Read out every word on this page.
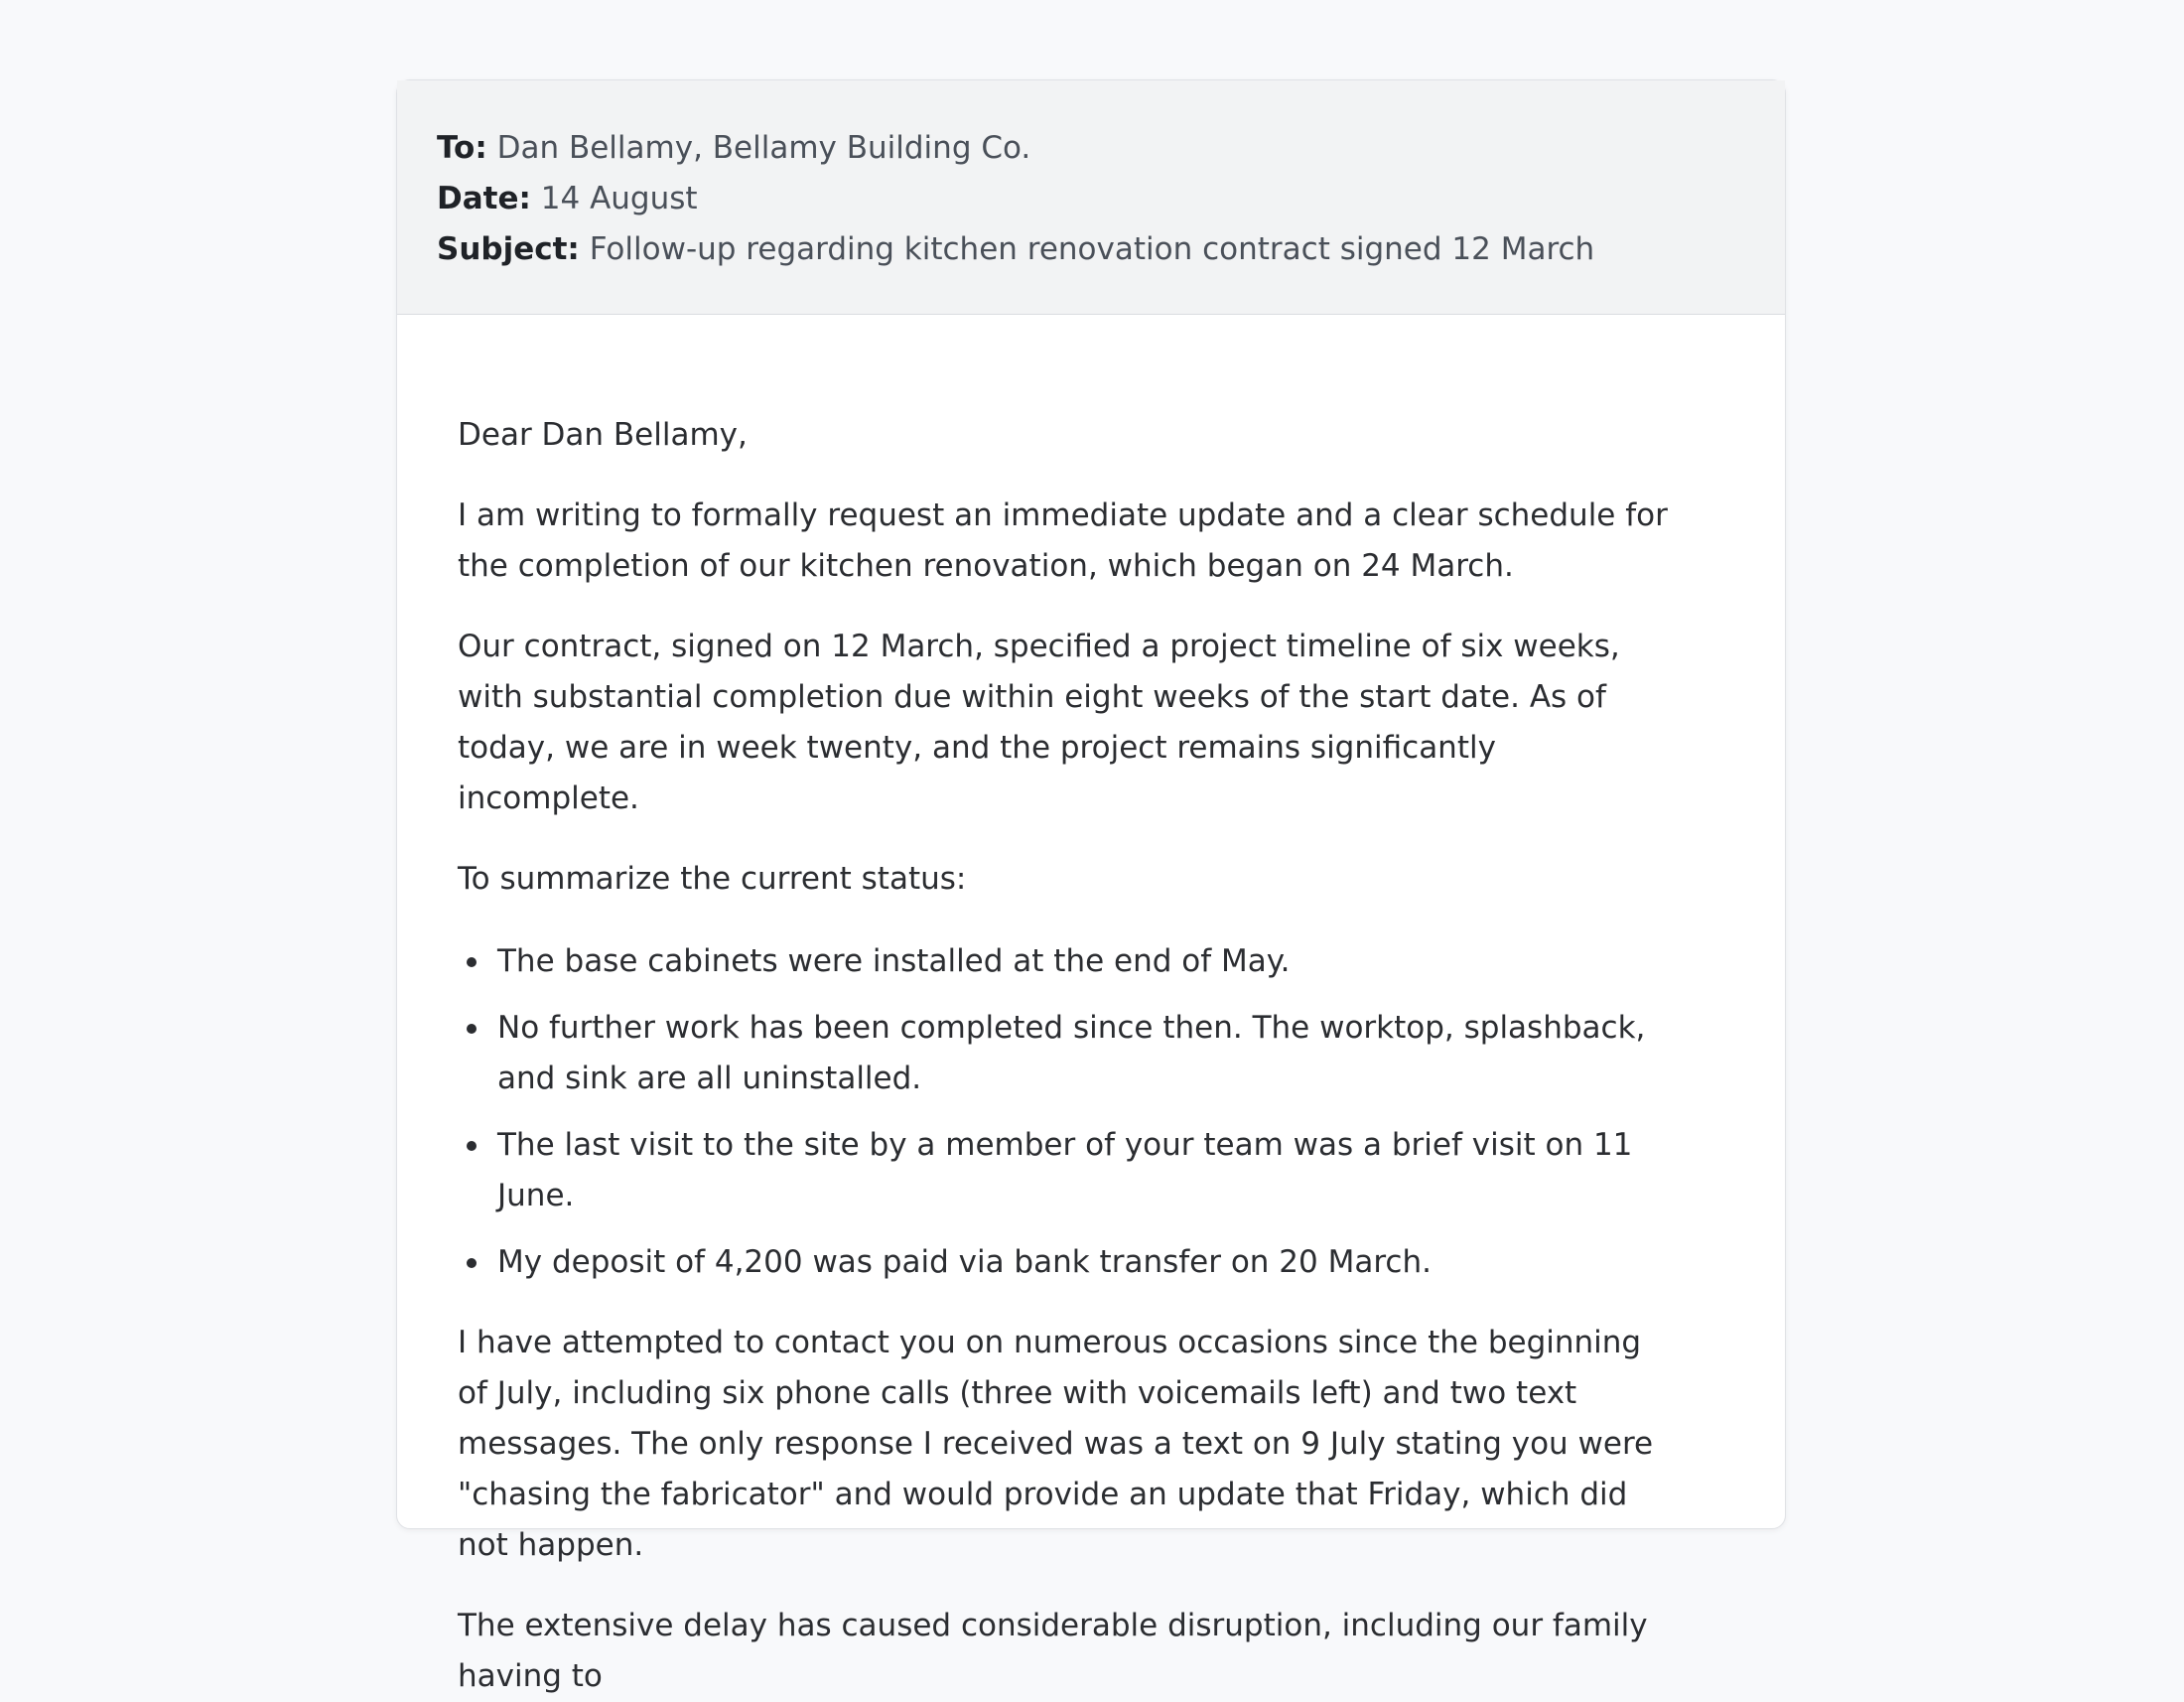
To: Dan Bellamy, Bellamy Building Co.
Date: 14 August
Subject: Follow-up regarding kitchen renovation contract signed 12 March

Dear Dan Bellamy,

I am writing to formally request an immediate update and a clear schedule for the completion of our kitchen renovation, which began on 24 March.

Our contract, signed on 12 March, specified a project timeline of six weeks, with substantial completion due within eight weeks of the start date. As of today, we are in week twenty, and the project remains significantly incomplete.

To summarize the current status:

The base cabinets were installed at the end of May.
No further work has been completed since then. The worktop, splashback, and sink are all uninstalled.
The last visit to the site by a member of your team was a brief visit on 11 June.
My deposit of 4,200 was paid via bank transfer on 20 March.

I have attempted to contact you on numerous occasions since the beginning of July, including six phone calls (three with voicemails left) and two text messages. The only response I received was a text on 9 July stating you were "chasing the fabricator" and would provide an update that Friday, which did not happen.

The extensive delay has caused considerable disruption, including our family having to
